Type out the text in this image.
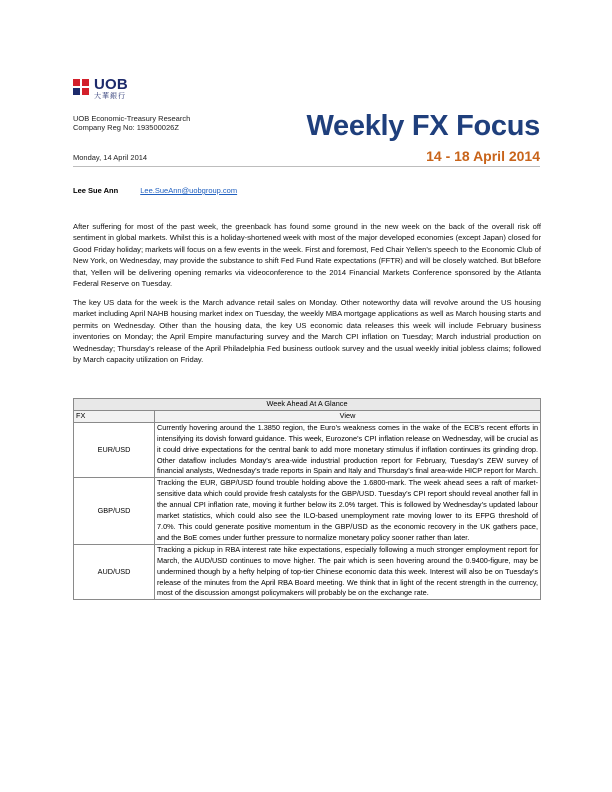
UOB
大華銀行
UOB Economic-Treasury Research
Company Reg No: 193500026Z	Weekly FX Focus
Monday, 14 April 2014	14 - 18 April 2014
Lee Sue Ann	Lee.SueAnn@uobgroup.com

After suffering for most of the past week, the greenback has found some ground in the new week on the back of the overall risk off sentiment in global markets. Whilst this is a holiday-shortened week with most of the major developed economies (except Japan) closed for Good Friday holiday; markets will focus on a few events in the week. First and foremost, Fed Chair Yellen’s speech to the Economic Club of New York, on Wednesday, may provide the substance to shift Fed Fund Rate expectations (FFTR) and will be closely watched. But bBefore that, Yellen will be delivering opening remarks via videoconference to the 2014 Financial Markets Conference sponsored by the Atlanta Federal Reserve on Tuesday.

The key US data for the week is the March advance retail sales on Monday. Other noteworthy data will revolve around the US housing market including April NAHB housing market index on Tuesday, the weekly MBA mortgage applications as well as March housing starts and permits on Wednesday. Other than the housing data, the key US economic data releases this week will include February business inventories on Monday; the April Empire manufacturing survey and the March CPI inflation on Tuesday; March industrial production on Wednesday; Thursday’s release of the April Philadelphia Fed business outlook survey and the usual weekly initial jobless claims; followed by March capacity utilization on Friday.

Week Ahead At A Glance	
FX	View
EUR/USD	Currently hovering around the 1.3850 region, the Euro’s weakness comes in the wake of the ECB’s recent efforts in intensifying its dovish forward guidance. This week, Eurozone’s CPI inflation release on Wednesday, will be crucial as it could drive expectations for the central bank to add more monetary stimulus if inflation continues its grinding drop. Other dataflow includes Monday’s area-wide industrial production report for February, Tuesday’s ZEW survey of financial analysts, Wednesday’s trade reports in Spain and Italy and Thursday’s final area-wide HICP report for March.
GBP/USD	Tracking the EUR, GBP/USD found trouble holding above the 1.6800-mark. The week ahead sees a raft of market-sensitive data which could provide fresh catalysts for the GBP/USD. Tuesday’s CPI report should reveal another fall in the annual CPI inflation rate, moving it further below its 2.0% target. This is followed by Wednesday’s updated labour market statistics, which could also see the ILO-based unemployment rate moving lower to its EFPG threshold of 7.0%. This could generate positive momentum in the GBP/USD as the economic recovery in the UK gathers pace, and the BoE comes under further pressure to normalize monetary policy sooner rather than later.
AUD/USD	Tracking a pickup in RBA interest rate hike expectations, especially following a much stronger employment report for March, the AUD/USD continues to move higher. The pair which is seen hovering around the 0.9400-figure, may be undermined though by a hefty helping of top-tier Chinese economic data this week. Interest will also be on Tuesday’s release of the minutes from the April RBA Board meeting. We think that in light of the recent strength in the currency, most of the discussion amongst policymakers will probably be on the exchange rate.
